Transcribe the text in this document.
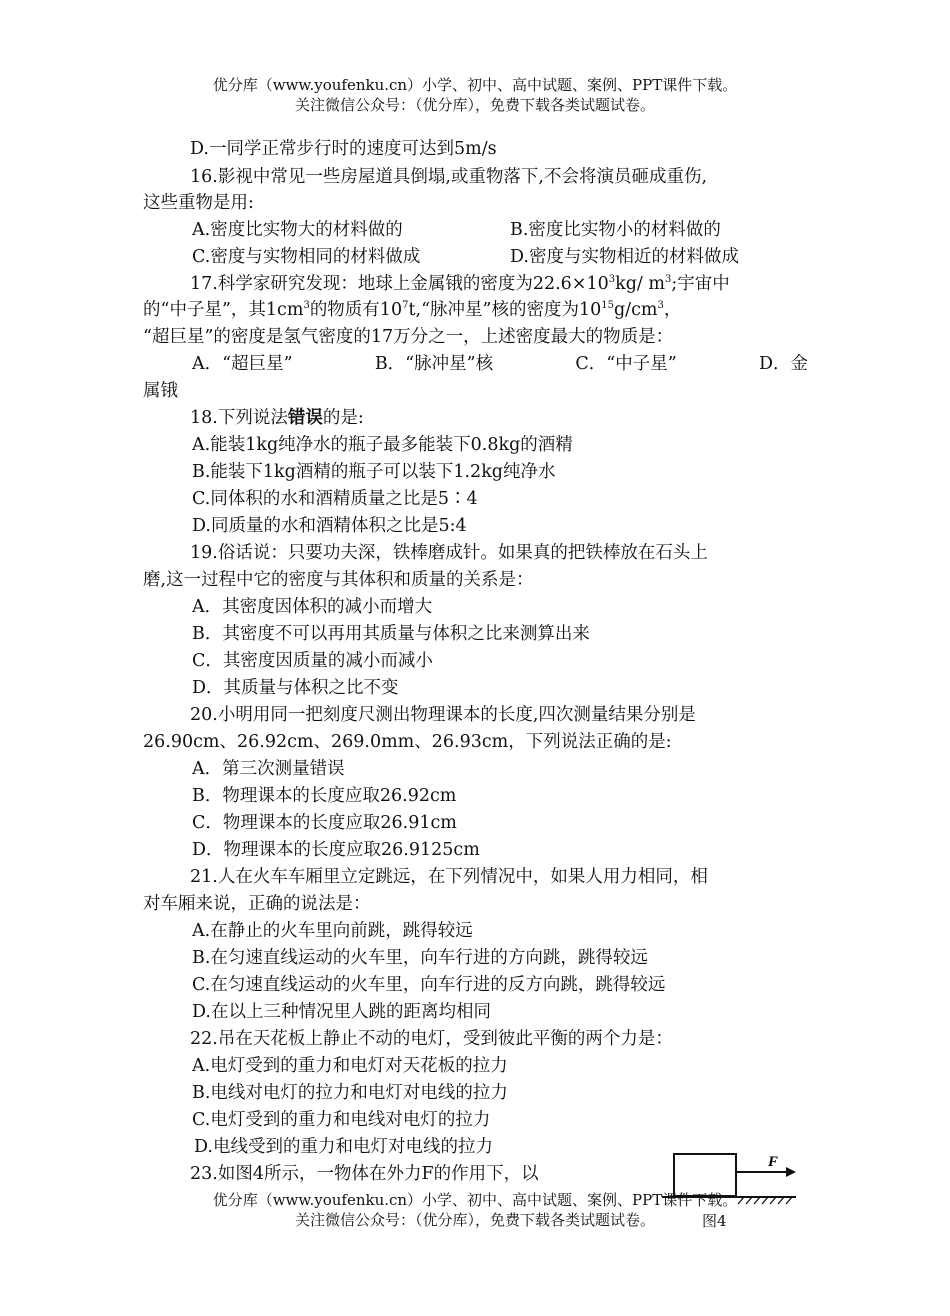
优分库（www.youfenku.cn）小学、初中、高中试题、案例、PPT课件下载。
关注微信公众号：（优分库），免费下载各类试题试卷。
D.一同学正常步行时的速度可达到5m/s
16.影视中常见一些房屋道具倒塌,或重物落下,不会将演员砸成重伤,
这些重物是用:
A.密度比实物大的材料做的	B.密度比实物小的材料做的
C.密度与实物相同的材料做成	D.密度与实物相近的材料做成
17.科学家研究发现：地球上金属锇的密度为$22.6\times 10^3kg/$ $m^3$;宇宙中
的“中子星”，其$1cm^3$的物质有$10^7t,“$脉冲星”核的密度为$10^{15}g/cm^3$，
“超巨星”的密度是氢气密度的17万分之一，上述密度最大的物质是：
A．“超巨星”	B．“脉冲星”核	C．“中子星”	D．金
属锇
18.下列说法错误的是:
A.能装1kg纯净水的瓶子最多能装下0.8kg的酒精
B.能装下1kg酒精的瓶子可以装下1.2kg纯净水
C.同体积的水和酒精质量之比是5∶4
D.同质量的水和酒精体积之比是5:4
19.俗话说：只要功夫深，铁棒磨成针。如果真的把铁棒放在石头上
磨,这一过程中它的密度与其体积和质量的关系是：
A．其密度因体积的减小而增大
B．其密度不可以再用其质量与体积之比来测算出来
C．其密度因质量的减小而减小
D．其质量与体积之比不变
20.小明用同一把刻度尺测出物理课本的长度,四次测量结果分别是
26.90cm、26.92cm、269.0mm、26.93cm，下列说法正确的是:
A．第三次测量错误
B．物理课本的长度应取26.92cm
C．物理课本的长度应取26.91cm
D．物理课本的长度应取26.9125cm
21.人在火车车厢里立定跳远，在下列情况中，如果人用力相同，相
对车厢来说，正确的说法是：
A.在静止的火车里向前跳，跳得较远
B.在匀速直线运动的火车里，向车行进的方向跳，跳得较远
C.在匀速直线运动的火车里，向车行进的反方向跳，跳得较远
D.在以上三种情况里人跳的距离均相同
22.吊在天花板上静止不动的电灯，受到彼此平衡的两个力是：
A.电灯受到的重力和电灯对天花板的拉力
B.电线对电灯的拉力和电灯对电线的拉力
C.电灯受到的重力和电线对电灯的拉力
D.电线受到的重力和电灯对电线的拉力
23.如图4所示，一物体在外力F的作用下，以
F
优分库（www.youfenku.cn）小学、初中、高中试题、案例、PPT课件下载。
关注微信公众号：（优分库），免费下载各类试题试卷。	图4
